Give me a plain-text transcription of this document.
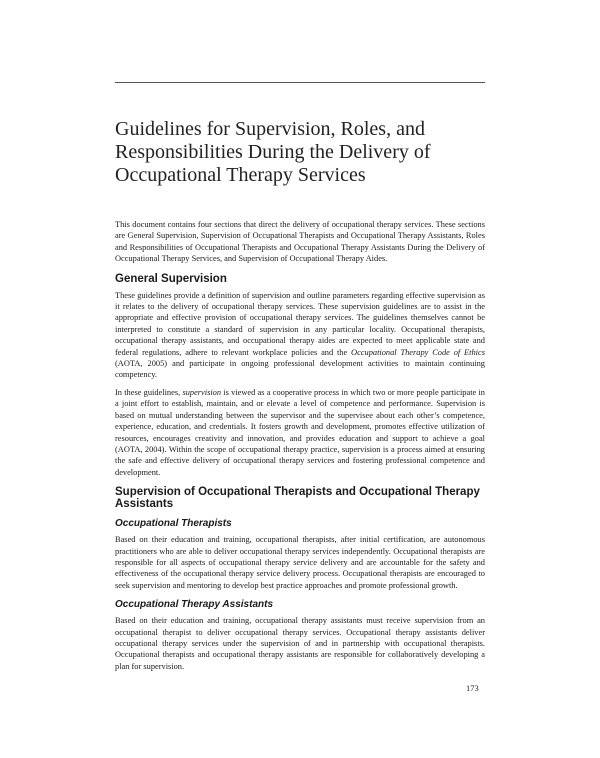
Guidelines for Supervision, Roles, and
Responsibilities During the Delivery of
Occupational Therapy Services

This document contains four sections that direct the delivery of occupational therapy services. These sections are General Supervision, Supervision of Occupational Therapists and Occupational Therapy Assistants, Roles and Responsibilities of Occupational Therapists and Occupational Therapy Assistants During the Delivery of Occupational Therapy Services, and Supervision of Occupational Therapy Aides.

General Supervision

These guidelines provide a definition of supervision and outline parameters regarding effective supervision as it relates to the delivery of occupational therapy services. These supervision guidelines are to assist in the appropriate and effective provision of occupational therapy services. The guidelines themselves cannot be interpreted to constitute a standard of supervision in any particular locality. Occupational therapists, occupational therapy assistants, and occupational therapy aides are expected to meet applicable state and federal regulations, adhere to relevant workplace policies and the Occupational Therapy Code of Ethics (AOTA, 2005) and participate in ongoing professional development activities to maintain continuing competency.

In these guidelines, supervision is viewed as a cooperative process in which two or more people participate in a joint effort to establish, maintain, and or elevate a level of competence and performance. Supervision is based on mutual understanding between the supervisor and the supervisee about each other’s competence, experience, education, and credentials. It fosters growth and development, promotes effective utilization of resources, encourages creativity and innovation, and provides education and support to achieve a goal (AOTA, 2004). Within the scope of occupational therapy practice, supervision is a process aimed at ensuring the safe and effective delivery of occupational therapy services and fostering professional competence and development.

Supervision of Occupational Therapists and Occupational Therapy Assistants
Occupational Therapists

Based on their education and training, occupational therapists, after initial certification, are autonomous practitioners who are able to deliver occupational therapy services independently. Occupational therapists are responsible for all aspects of occupational therapy service delivery and are accountable for the safety and effectiveness of the occupational therapy service delivery process. Occupational therapists are encouraged to seek supervision and mentoring to develop best practice approaches and promote professional growth.

Occupational Therapy Assistants

Based on their education and training, occupational therapy assistants must receive supervision from an occupational therapist to deliver occupational therapy services. Occupational therapy assistants deliver occupational therapy services under the supervision of and in partnership with occupational therapists. Occupational therapists and occupational therapy assistants are responsible for collaboratively developing a plan for supervision.

173
